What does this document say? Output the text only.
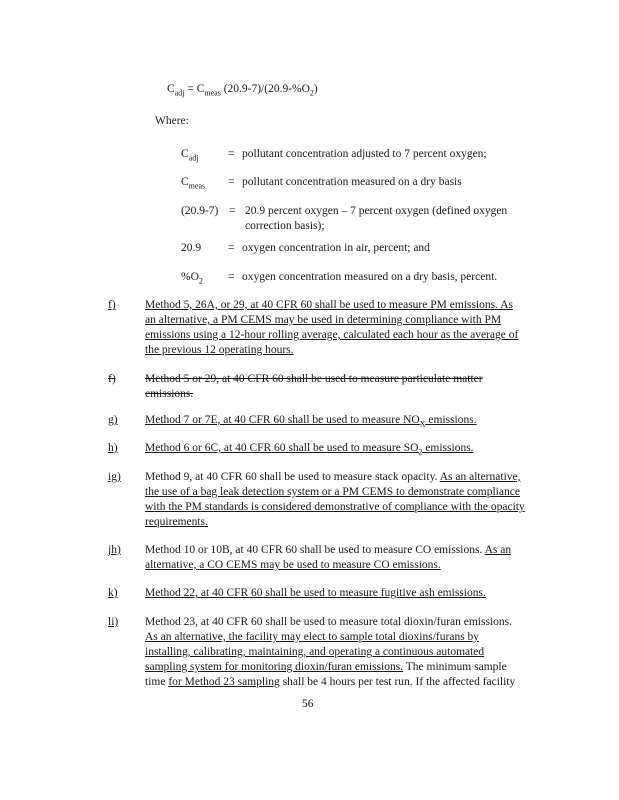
$C_{adj} = C_{meas}$ $(20.9-7)/(20.9-\%O_2)$
Where:
$C_{adj}$	= pollutant concentration adjusted to 7 percent oxygen;
$C_{meas}$ = pollutant concentration measured on a dry basis
(20.9-7) = 20.9 percent oxygen – 7 percent oxygen (defined oxygen
correction basis);
20.9 = oxygen concentration in air, percent; and
$\%O_2$ = oxygen concentration measured on a dry basis, percent.
f)	Method 5, 26A, or 29, at 40 CFR 60 shall be used to measure PM emissions. As
an alternative, a PM CEMS may be used in determining compliance with PM
emissions using a 12-hour rolling average, calculated each hour as the average of
the previous 12 operating hours.
f)	Method 5 or 29, at 40 CFR 60 shall be used to measure particulate matter
emissions.
g) Method 7 or 7E, at 40 CFR 60 shall be used to measure $NO_X$ emissions.
h) Method 6 or 6C, at 40 CFR 60 shall be used to measure $SO_2$ emissions.
ig) Method 9, at 40 CFR 60 shall be used to measure stack opacity. As an alternative,
the use of a bag leak detection system or a PM CEMS to demonstrate compliance
with the PM standards is considered demonstrative of compliance with the opacity
requirements.
jh) Method 10 or 10B, at 40 CFR 60 shall be used to measure CO emissions. As an
alternative, a CO CEMS may be used to measure CO emissions.
k) Method 22, at 40 CFR 60 shall be used to measure fugitive ash emissions.
li) Method 23, at 40 CFR 60 shall be used to measure total dioxin/furan emissions.
As an alternative, the facility may elect to sample total dioxins/furans by
installing, calibrating, maintaining, and operating a continuous automated
sampling system for monitoring dioxin/furan emissions. The minimum sample
time for Method 23 sampling shall be 4 hours per test run. If the affected facility
56
